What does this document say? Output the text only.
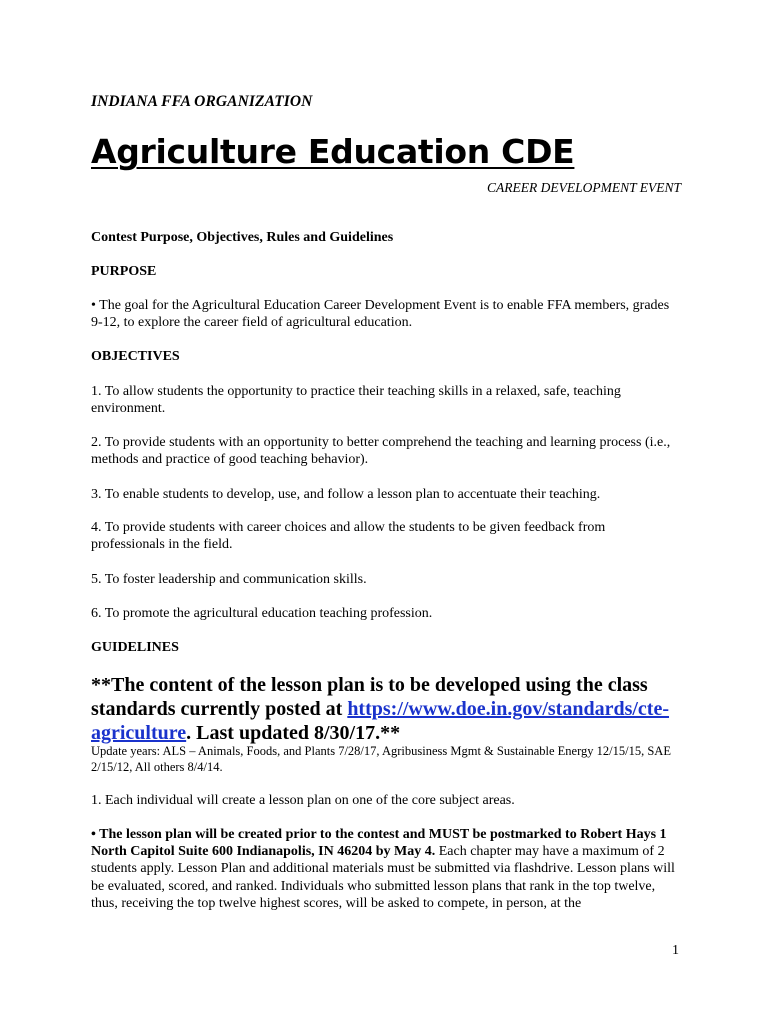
INDIANA FFA ORGANIZATION
Agriculture Education CDE
CAREER DEVELOPMENT EVENT
Contest Purpose, Objectives, Rules and Guidelines
PURPOSE
• The goal for the Agricultural Education Career Development Event is to enable FFA members, grades 9-12, to explore the career field of agricultural education.
OBJECTIVES
1. To allow students the opportunity to practice their teaching skills in a relaxed, safe, teaching environment.
2. To provide students with an opportunity to better comprehend the teaching and learning process (i.e., methods and practice of good teaching behavior).
3. To enable students to develop, use, and follow a lesson plan to accentuate their teaching.
4. To provide students with career choices and allow the students to be given feedback from professionals in the field.
5. To foster leadership and communication skills.
6. To promote the agricultural education teaching profession.
GUIDELINES
**The content of the lesson plan is to be developed using the class standards currently posted at https://www.doe.in.gov/standards/cte-agriculture. Last updated 8/30/17.**
Update years: ALS – Animals, Foods, and Plants 7/28/17, Agribusiness Mgmt & Sustainable Energy 12/15/15, SAE 2/15/12, All others 8/4/14.
1. Each individual will create a lesson plan on one of the core subject areas.
• The lesson plan will be created prior to the contest and MUST be postmarked to Robert Hays 1 North Capitol Suite 600 Indianapolis, IN 46204 by May 4. Each chapter may have a maximum of 2 students apply. Lesson Plan and additional materials must be submitted via flashdrive. Lesson plans will be evaluated, scored, and ranked. Individuals who submitted lesson plans that rank in the top twelve, thus, receiving the top twelve highest scores, will be asked to compete, in person, at the
1
